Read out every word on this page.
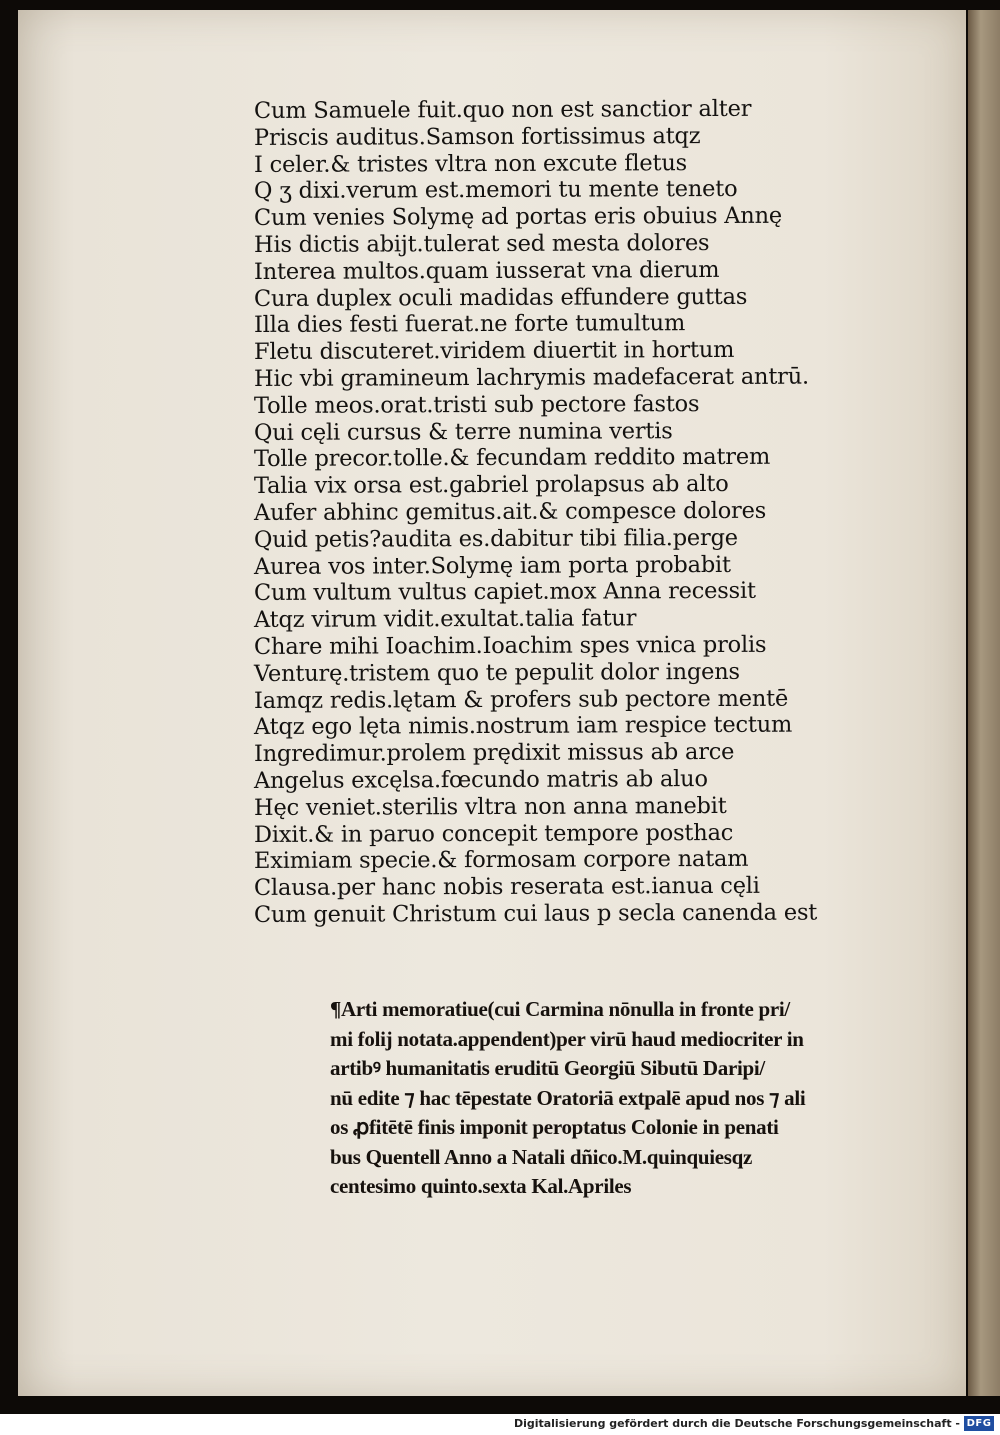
Cum Samuele fuit.quo non est sanctior alter
Priscis auditus.Samson fortissimus atqz
I celer.& tristes vltra non excute fletus
Q ʒ dixi.verum est.memori tu mente teneto
Cum venies Solymę ad portas eris obuius Annę
His dictis abijt.tulerat sed mesta dolores
Interea multos.quam iusserat vna dierum
Cura duplex oculi madidas effundere guttas
Illa dies festi fuerat.ne forte tumultum
Fletu discuteret.viridem diuertit in hortum
Hic vbi gramineum lachrymis madefacerat antrū.
Tolle meos.orat.tristi sub pectore fastos
Qui cęli cursus & terre numina vertis
Tolle precor.tolle.& fecundam reddito matrem
Talia vix orsa est.gabriel prolapsus ab alto
Aufer abhinc gemitus.ait.& compesce dolores
Quid petis?audita es.dabitur tibi filia.perge
Aurea vos inter.Solymę iam porta probabit
Cum vultum vultus capiet.mox Anna recessit
Atqz virum vidit.exultat.talia fatur
Chare mihi Ioachim.Ioachim spes vnica prolis
Venturę.tristem quo te pepulit dolor ingens
Iamqz redis.lętam & profers sub pectore mentē
Atqz ego lęta nimis.nostrum iam respice tectum
Ingredimur.prolem prędixit missus ab arce
Angelus excęlsa.fœcundo matris ab aluo
Hęc veniet.sterilis vltra non anna manebit
Dixit.& in paruo concepit tempore posthac
Eximiam specie.& formosam corpore natam
Clausa.per hanc nobis reserata est.ianua cęli
Cum genuit Christum cui laus p secla canenda est
¶Arti memoratiue(cui Carmina nōnulla in fronte pri/
mi folij notata.appendent)per virū haud mediocriter in
artibꝰ humanitatis eruditū Georgiū Sibutū Daripi/
nū edite ⁊ hac tēpestate Oratoriā extpalē apud nos ⁊ ali
os ꝓfitētē finis imponit peroptatus Colonie in penati
bus Quentell Anno a Natali dñico.M.quinquiesqz
centesimo quinto.sexta Kal.Apriles
Digitalisierung gefördert durch die Deutsche Forschungsgemeinschaft - DFG
